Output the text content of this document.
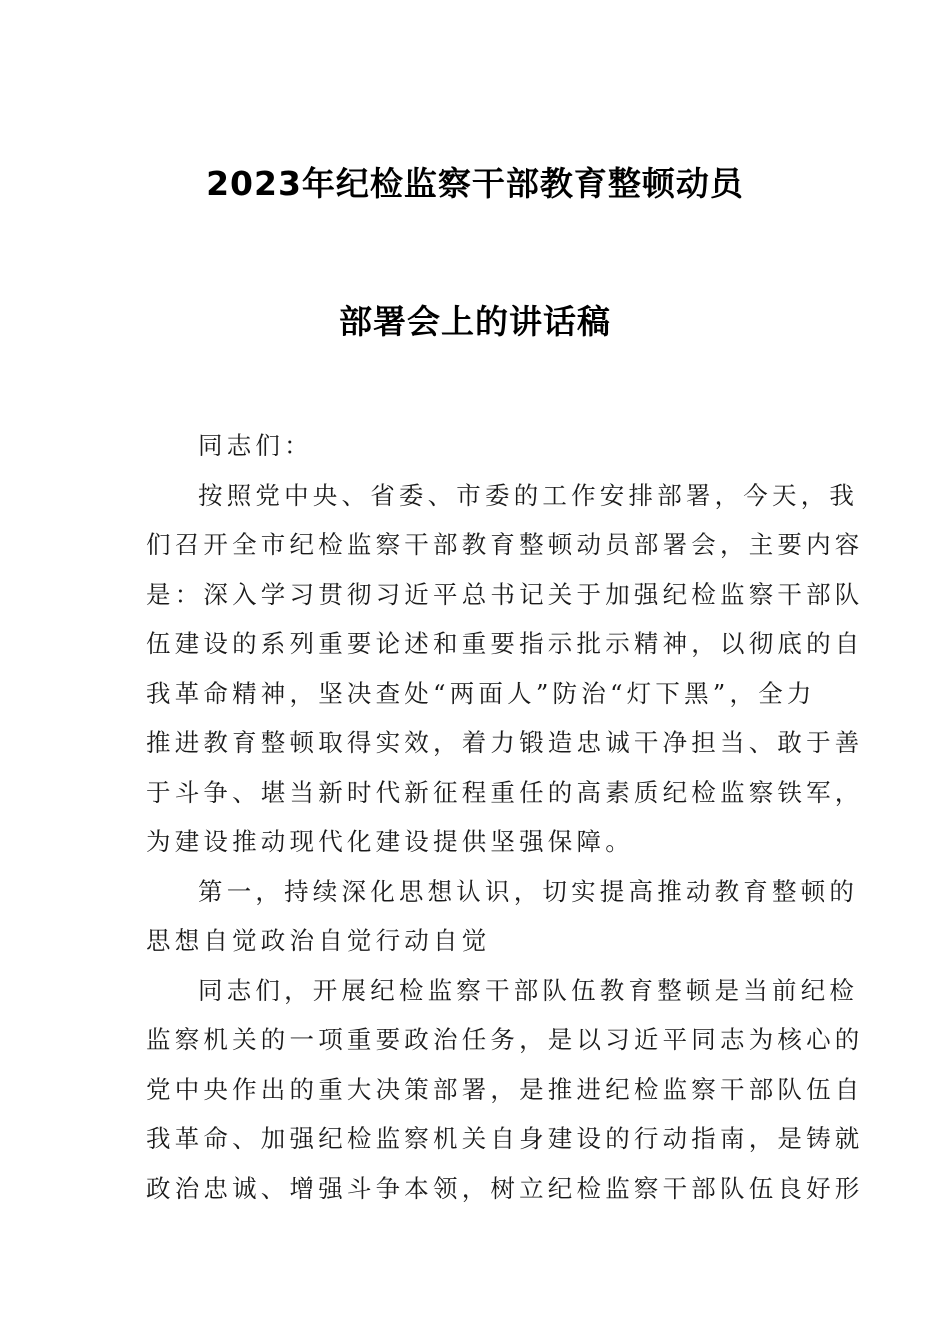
2023年纪检监察干部教育整顿动员
部署会上的讲话稿
同志们：
按照党中央、省委、市委的工作安排部署，今天，我
们召开全市纪检监察干部教育整顿动员部署会，主要内容
是：深入学习贯彻习近平总书记关于加强纪检监察干部队
伍建设的系列重要论述和重要指示批示精神，以彻底的自
我革命精神，坚决查处“两面人”防治“灯下黑”，全力
推进教育整顿取得实效，着力锻造忠诚干净担当、敢于善
于斗争、堪当新时代新征程重任的高素质纪检监察铁军，
为建设推动现代化建设提供坚强保障。
第一，持续深化思想认识，切实提高推动教育整顿的
思想自觉政治自觉行动自觉
同志们，开展纪检监察干部队伍教育整顿是当前纪检
监察机关的一项重要政治任务，是以习近平同志为核心的
党中央作出的重大决策部署，是推进纪检监察干部队伍自
我革命、加强纪检监察机关自身建设的行动指南，是铸就
政治忠诚、增强斗争本领，树立纪检监察干部队伍良好形
